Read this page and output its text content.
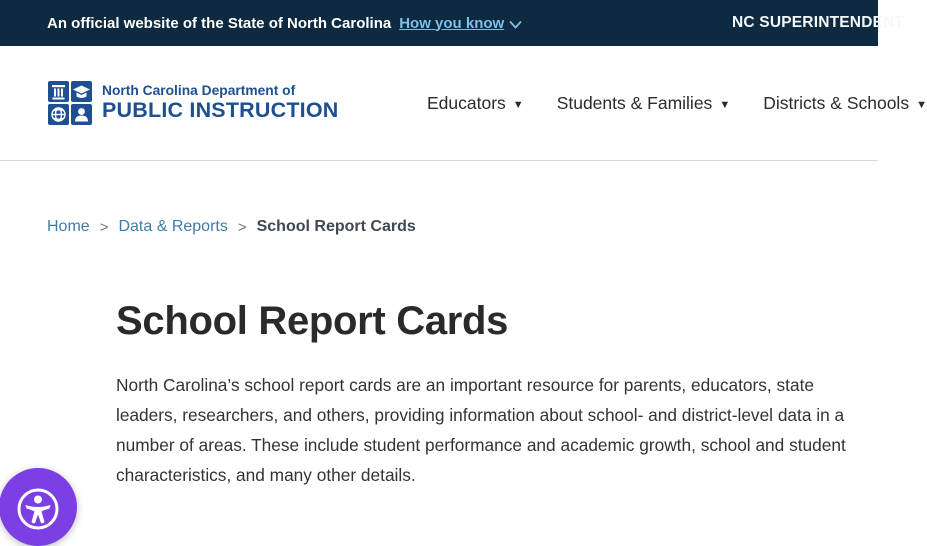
An official website of the State of North Carolina How you know	NC SUPERINTENDENT
North Carolina Department of
PUBLIC INSTRUCTION	Educators ▼ Students & Families ▼ Districts & Schools ▼
Home > Data & Reports > School Report Cards
School Report Cards

North Carolina’s school report cards are an important resource for parents, educators, state leaders, researchers, and others, providing information about school- and district-level data in a number of areas. These include student performance and academic growth, school and student characteristics, and many other details.
